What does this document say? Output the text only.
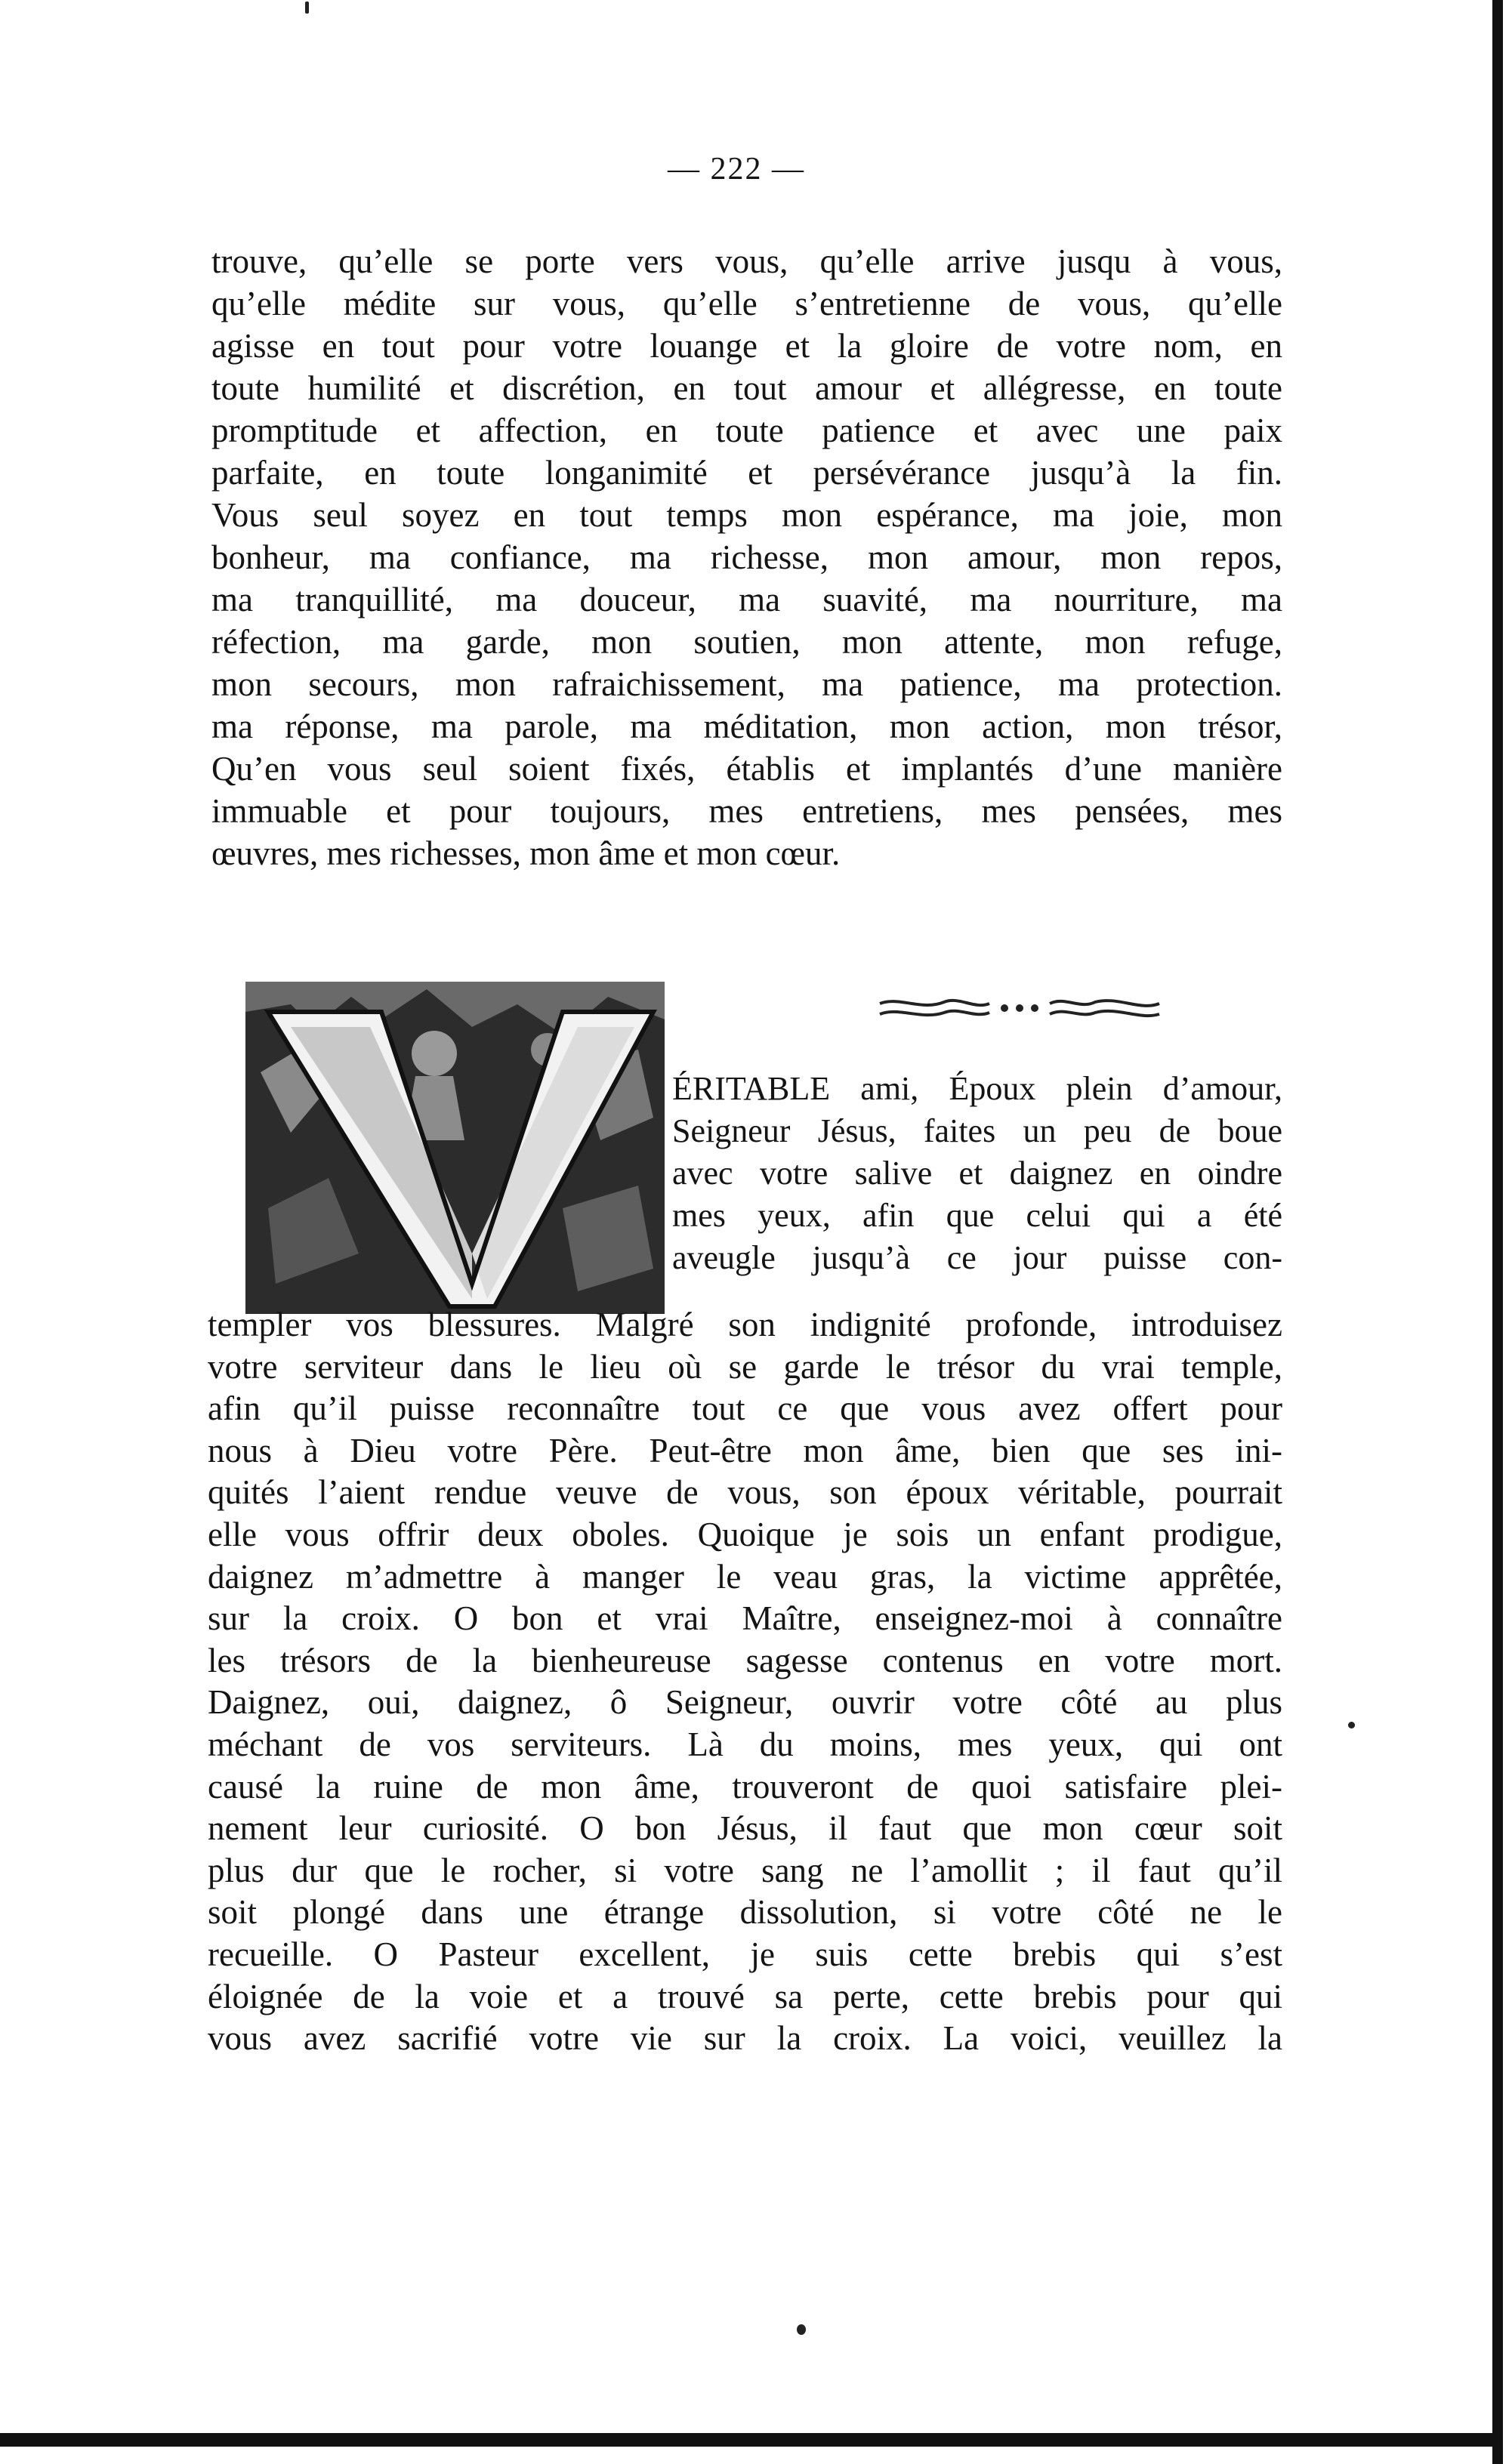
— 222 —
trouve, qu’elle se porte vers vous, qu’elle arrive jusqu à vous,
qu’elle médite sur vous, qu’elle s’entretienne de vous, qu’elle
agisse en tout pour votre louange et la gloire de votre nom, en
toute humilité et discrétion, en tout amour et allégresse, en toute
promptitude et affection, en toute patience et avec une paix
parfaite, en toute longanimité et persévérance jusqu’à la fin.
Vous seul soyez en tout temps mon espérance, ma joie, mon
bonheur, ma confiance, ma richesse, mon amour, mon repos,
ma tranquillité, ma douceur, ma suavité, ma nourriture, ma
réfection, ma garde, mon soutien, mon attente, mon refuge,
mon secours, mon rafraichissement, ma patience, ma protection.
ma réponse, ma parole, ma méditation, mon action, mon trésor,
Qu’en vous seul soient fixés, établis et implantés d’une manière
immuable et pour toujours, mes entretiens, mes pensées, mes
œuvres, mes richesses, mon âme et mon cœur.
ÉRITABLE ami, Époux plein d’amour,
Seigneur Jésus, faites un peu de boue
avec votre salive et daignez en oindre
mes yeux, afin que celui qui a été
aveugle jusqu’à ce jour puisse con-
templer vos blessures. Malgré son indignité profonde, introduisez
votre serviteur dans le lieu où se garde le trésor du vrai temple,
afin qu’il puisse reconnaître tout ce que vous avez offert pour
nous à Dieu votre Père. Peut-être mon âme, bien que ses ini-
quités l’aient rendue veuve de vous, son époux véritable, pourrait
elle vous offrir deux oboles. Quoique je sois un enfant prodigue,
daignez m’admettre à manger le veau gras, la victime apprêtée,
sur la croix. O bon et vrai Maître, enseignez-moi à connaître
les trésors de la bienheureuse sagesse contenus en votre mort.
Daignez, oui, daignez, ô Seigneur, ouvrir votre côté au plus
méchant de vos serviteurs. Là du moins, mes yeux, qui ont
causé la ruine de mon âme, trouveront de quoi satisfaire plei-
nement leur curiosité. O bon Jésus, il faut que mon cœur soit
plus dur que le rocher, si votre sang ne l’amollit ; il faut qu’il
soit plongé dans une étrange dissolution, si votre côté ne le
recueille. O Pasteur excellent, je suis cette brebis qui s’est
éloignée de la voie et a trouvé sa perte, cette brebis pour qui
vous avez sacrifié votre vie sur la croix. La voici, veuillez la
